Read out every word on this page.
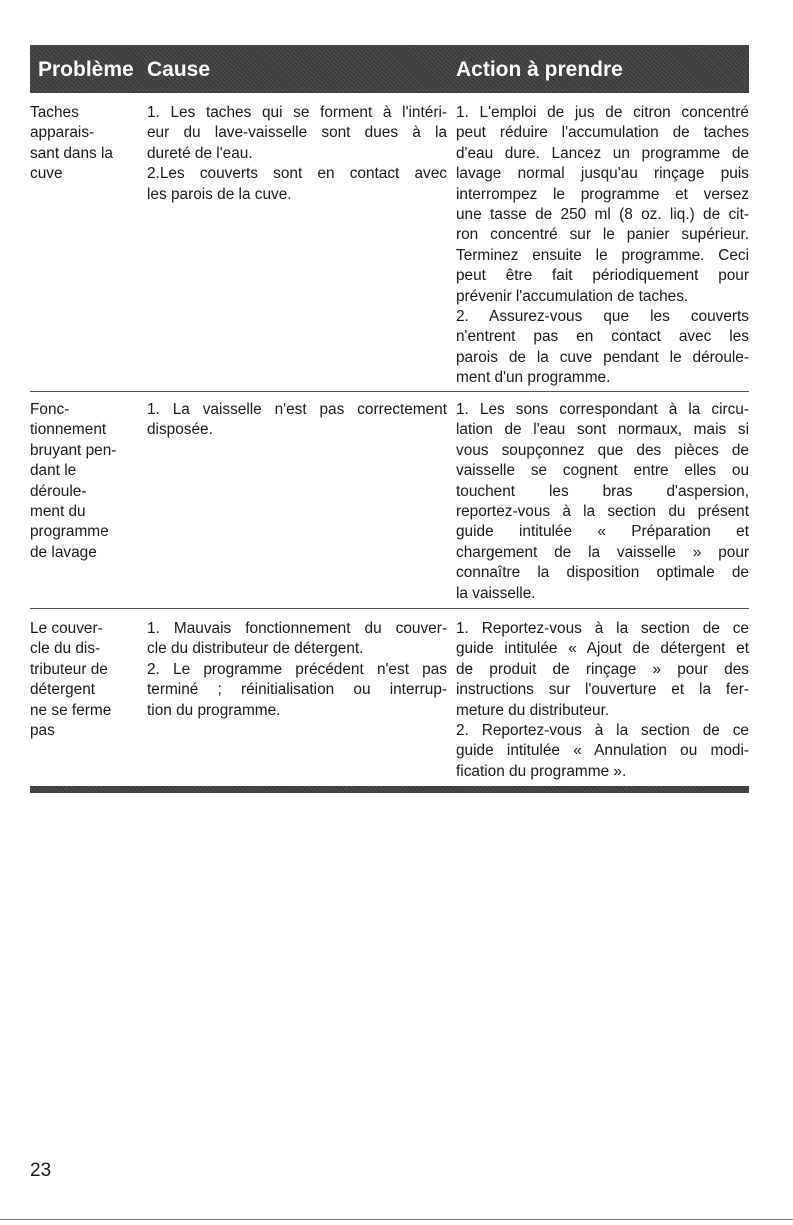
Problème Cause	Action à prendre
Taches
apparais-
sant dans la
cuve
1. Les taches qui se forment à l'intéri-
eur du lave-vaisselle sont dues à la
dureté de l'eau.
2.Les couverts sont en contact avec
les parois de la cuve.
1. L'emploi de jus de citron concentré
peut réduire l'accumulation de taches
d'eau dure. Lancez un programme de
lavage normal jusqu'au rinçage puis
interrompez le programme et versez
une tasse de 250 ml (8 oz. liq.) de cit-
ron concentré sur le panier supérieur.
Terminez ensuite le programme. Ceci
peut être fait périodiquement pour
prévenir l'accumulation de taches.
2. Assurez-vous que les couverts
n'entrent pas en contact avec les
parois de la cuve pendant le déroule-
ment d'un programme.
Fonc-
tionnement
bruyant pen-
dant le
déroule-
ment du
programme
de lavage
1. La vaisselle n'est pas correctement
disposée.
1. Les sons correspondant à la circu-
lation de l'eau sont normaux, mais si
vous soupçonnez que des pièces de
vaisselle se cognent entre elles ou
touchent les bras d'aspersion,
reportez-vous à la section du présent
guide intitulée « Préparation et
chargement de la vaisselle » pour
connaître la disposition optimale de
la vaisselle.
Le couver-
cle du dis-
tributeur de
détergent
ne se ferme
pas
1. Mauvais fonctionnement du couver-
cle du distributeur de détergent.
2. Le programme précédent n'est pas
terminé ; réinitialisation ou interrup-
tion du programme.
1. Reportez-vous à la section de ce
guide intitulée « Ajout de détergent et
de produit de rinçage » pour des
instructions sur l'ouverture et la fer-
meture du distributeur.
2. Reportez-vous à la section de ce
guide intitulée « Annulation ou modi-
fication du programme ».
23
